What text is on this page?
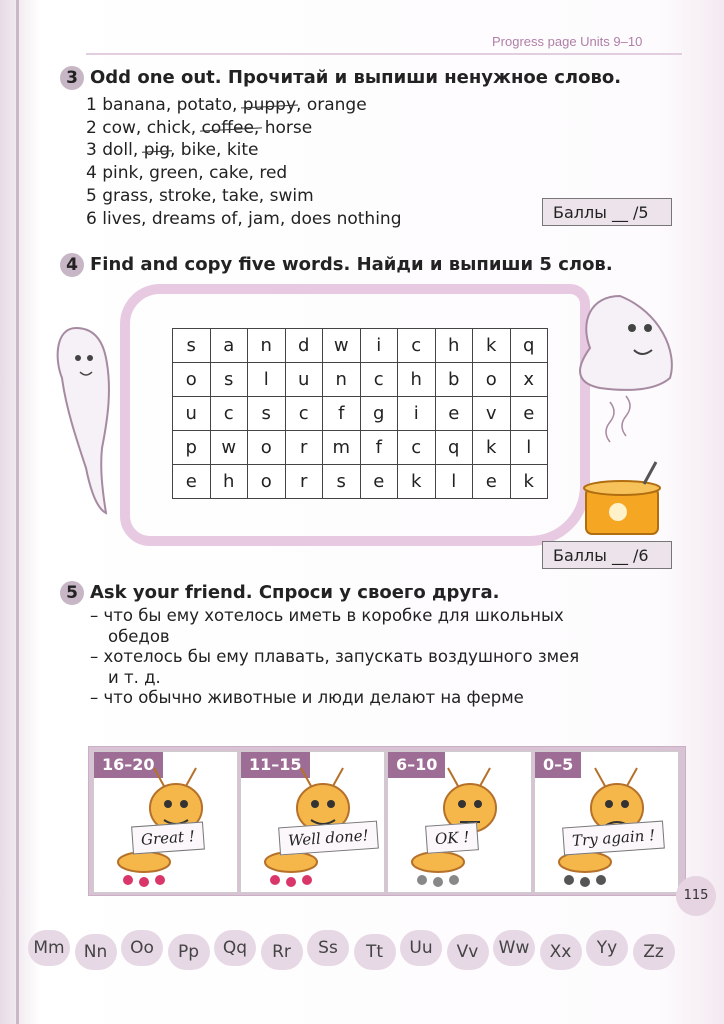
Progress page Units 9–10
3 Odd one out. Прочитай и выпиши ненужное слово.
1 banana, potato, puppy, orange
2 cow, chick, coffee, horse
3 doll, pig, bike, kite
4 pink, green, cake, red
5 grass, stroke, take, swim
6 lives, dreams of, jam, does nothing	Баллы __ /5
4 Find and copy five words. Найди и выпиши 5 слов.
s	a	n	d	w	i	c	h	k	q
o	s	l	u	n	c	h	b	o	x
u	c	s	c	f	g	i	e	v	e
p	w	o	r	m	f	c	q	k	l
e	h	o	r	s	e	k	l	e	k
Баллы __ /6
5 Ask your friend. Спроси у своего друга.
– что бы ему хотелось иметь в коробке для школьных
обедов
– хотелось бы ему плавать, запускать воздушного змея
и т. д.
– что обычно животные и люди делают на ферме
16–20
Great !
11–15
Well done!
6–10
OK !
0–5
Try again !
115
Mm	Nn	Oo	Pp	Qq	Rr	Ss	Tt	Uu	Vv	Ww	Xx	Yy	Zz
